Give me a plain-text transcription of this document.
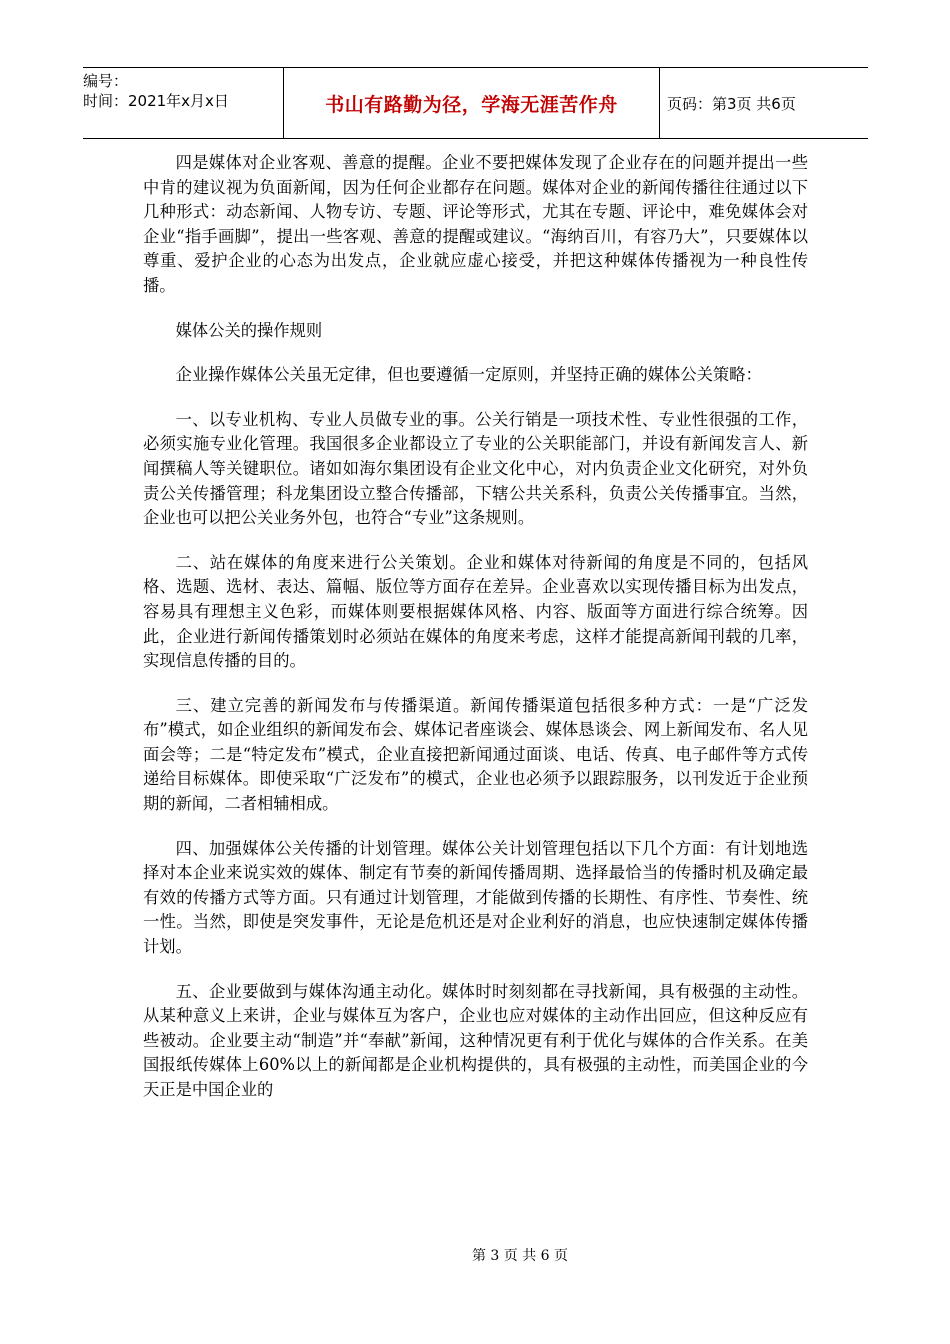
编号：
时间：2021年x月x日	书山有路勤为径，学海无涯苦作舟	页码：第3页 共6页

四是媒体对企业客观、善意的提醒。企业不要把媒体发现了企业存在的问题并提出一些中肯的建议视为负面新闻，因为任何企业都存在问题。媒体对企业的新闻传播往往通过以下几种形式：动态新闻、人物专访、专题、评论等形式，尤其在专题、评论中，难免媒体会对企业“指手画脚”，提出一些客观、善意的提醒或建议。“海纳百川，有容乃大”，只要媒体以尊重、爱护企业的心态为出发点，企业就应虚心接受，并把这种媒体传播视为一种良性传播。

媒体公关的操作规则

企业操作媒体公关虽无定律，但也要遵循一定原则，并坚持正确的媒体公关策略：

一、以专业机构、专业人员做专业的事。公关行销是一项技术性、专业性很强的工作，必须实施专业化管理。我国很多企业都设立了专业的公关职能部门，并设有新闻发言人、新闻撰稿人等关键职位。诸如如海尔集团设有企业文化中心，对内负责企业文化研究，对外负责公关传播管理；科龙集团设立整合传播部，下辖公共关系科，负责公关传播事宜。当然，企业也可以把公关业务外包，也符合“专业”这条规则。

二、站在媒体的角度来进行公关策划。企业和媒体对待新闻的角度是不同的，包括风格、选题、选材、表达、篇幅、版位等方面存在差异。企业喜欢以实现传播目标为出发点，容易具有理想主义色彩，而媒体则要根据媒体风格、内容、版面等方面进行综合统筹。因此，企业进行新闻传播策划时必须站在媒体的角度来考虑，这样才能提高新闻刊载的几率，实现信息传播的目的。

三、建立完善的新闻发布与传播渠道。新闻传播渠道包括很多种方式：一是“广泛发布”模式，如企业组织的新闻发布会、媒体记者座谈会、媒体恳谈会、网上新闻发布、名人见面会等；二是“特定发布”模式，企业直接把新闻通过面谈、电话、传真、电子邮件等方式传递给目标媒体。即使采取“广泛发布”的模式，企业也必须予以跟踪服务，以刊发近于企业预期的新闻，二者相辅相成。

四、加强媒体公关传播的计划管理。媒体公关计划管理包括以下几个方面：有计划地选择对本企业来说实效的媒体、制定有节奏的新闻传播周期、选择最恰当的传播时机及确定最有效的传播方式等方面。只有通过计划管理，才能做到传播的长期性、有序性、节奏性、统一性。当然，即使是突发事件，无论是危机还是对企业利好的消息，也应快速制定媒体传播计划。

五、企业要做到与媒体沟通主动化。媒体时时刻刻都在寻找新闻，具有极强的主动性。从某种意义上来讲，企业与媒体互为客户，企业也应对媒体的主动作出回应，但这种反应有些被动。企业要主动“制造”并“奉献”新闻，这种情况更有利于优化与媒体的合作关系。在美国报纸传媒体上60%以上的新闻都是企业机构提供的，具有极强的主动性，而美国企业的今天正是中国企业的

第 3 页 共 6 页
